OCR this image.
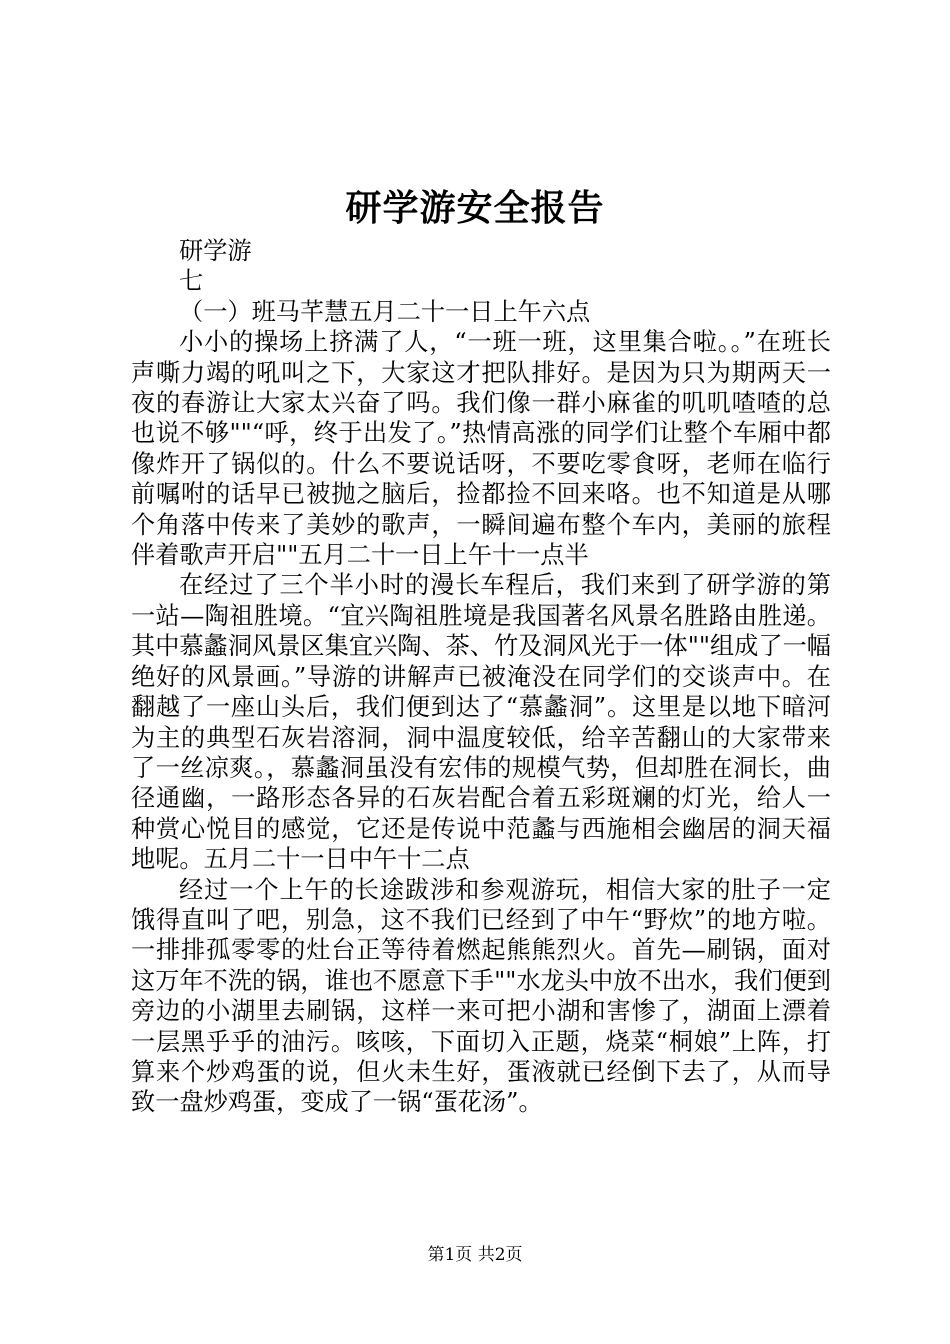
研学游安全报告

研学游

七

（一）班马芊慧五月二十一日上午六点

小小的操场上挤满了人，“一班一班，这里集合啦。。”在班长声嘶力竭的吼叫之下，大家这才把队排好。是因为只为期两天一夜的春游让大家太兴奋了吗。我们像一群小麻雀的叽叽喳喳的总也说不够""“呼，终于出发了。”热情高涨的同学们让整个车厢中都像炸开了锅似的。什么不要说话呀，不要吃零食呀，老师在临行前嘱咐的话早已被抛之脑后，捡都捡不回来咯。也不知道是从哪个角落中传来了美妙的歌声，一瞬间遍布整个车内，美丽的旅程伴着歌声开启""五月二十一日上午十一点半

在经过了三个半小时的漫长车程后，我们来到了研学游的第一站—陶祖胜境。“宜兴陶祖胜境是我国著名风景名胜路由胜递。其中慕蠡洞风景区集宜兴陶、茶、竹及洞风光于一体""组成了一幅绝好的风景画。”导游的讲解声已被淹没在同学们的交谈声中。在翻越了一座山头后，我们便到达了“慕蠡洞”。这里是以地下暗河为主的典型石灰岩溶洞，洞中温度较低，给辛苦翻山的大家带来了一丝凉爽。，慕蠡洞虽没有宏伟的规模气势，但却胜在洞长，曲径通幽，一路形态各异的石灰岩配合着五彩斑斓的灯光，给人一种赏心悦目的感觉，它还是传说中范蠡与西施相会幽居的洞天福地呢。五月二十一日中午十二点

经过一个上午的长途跋涉和参观游玩，相信大家的肚子一定饿得直叫了吧，别急，这不我们已经到了中午“野炊”的地方啦。一排排孤零零的灶台正等待着燃起熊熊烈火。首先—刷锅，面对这万年不洗的锅，谁也不愿意下手""水龙头中放不出水，我们便到旁边的小湖里去刷锅，这样一来可把小湖和害惨了，湖面上漂着一层黑乎乎的油污。咳咳，下面切入正题，烧菜“桐娘”上阵，打算来个炒鸡蛋的说，但火未生好，蛋液就已经倒下去了，从而导致一盘炒鸡蛋，变成了一锅“蛋花汤”。

第1页 共2页
